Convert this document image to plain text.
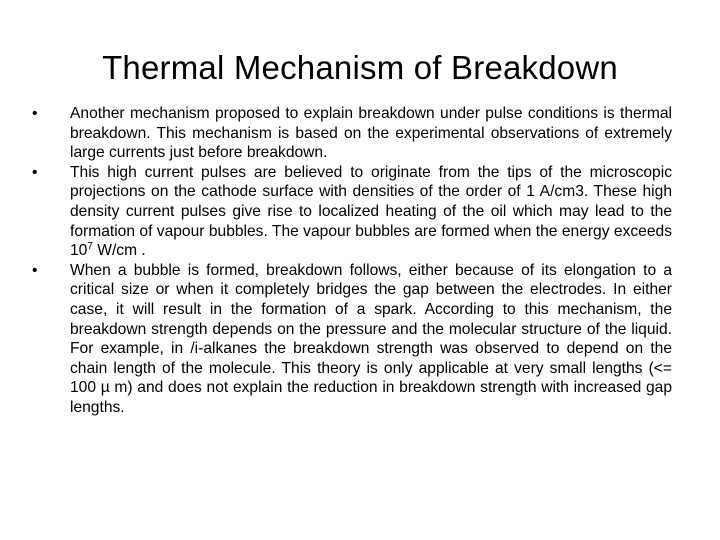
Thermal Mechanism of Breakdown
•	Another mechanism proposed to explain breakdown under pulse conditions is thermal breakdown. This mechanism is based on the experimental observations of extremely large currents just before breakdown.
•	This high current pulses are believed to originate from the tips of the microscopic projections on the cathode surface with densities of the order of 1 A/cm3. These high density current pulses give rise to localized heating of the oil which may lead to the formation of vapour bubbles. The vapour bubbles are formed when the energy exceeds $10^7$ W/cm .
•	When a bubble is formed, breakdown follows, either because of its elongation to a critical size or when it completely bridges the gap between the electrodes. In either case, it will result in the formation of a spark. According to this mechanism, the breakdown strength depends on the pressure and the molecular structure of the liquid. For example, in /i-alkanes the breakdown strength was observed to depend on the chain length of the molecule. This theory is only applicable at very small lengths (<= 100 µ m) and does not explain the reduction in breakdown strength with increased gap lengths.
